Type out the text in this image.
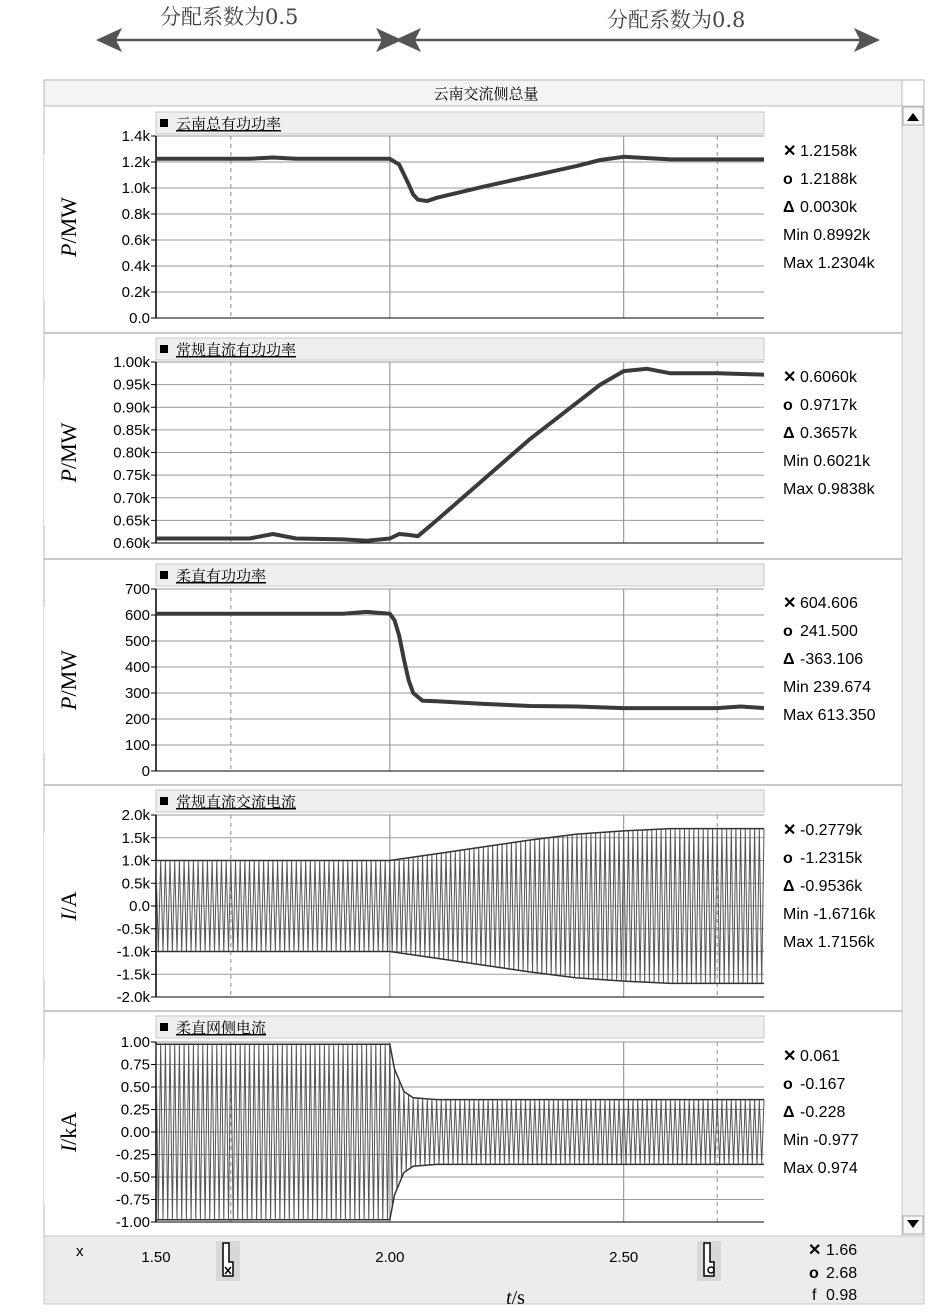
分配系数为0.5	分配系数为0.8
云南交流侧总量
云南总有功功率
0.0
0.2k
0.4k
0.6k
0.8k
1.0k
1.2k
1.4k
P/MW
✕ 1.2158k
o 1.2188k
Δ 0.0030k
Min 0.8992k
Max 1.2304k
常规直流有功功率
0.60k
0.65k
0.70k
0.75k
0.80k
0.85k
0.90k
0.95k
1.00k
P/MW
✕ 0.6060k
o 0.9717k
Δ 0.3657k
Min 0.6021k
Max 0.9838k
柔直有功功率
0
100
200
300
400
500
600
700
P/MW
✕ 604.606
o 241.500
Δ -363.106
Min 239.674
Max 613.350
常规直流交流电流
-2.0k
-1.5k
-1.0k
-0.5k
0.0
0.5k
1.0k
1.5k
2.0k
I/A
✕ -0.2779k
o -1.2315k
Δ -0.9536k
Min -1.6716k
Max 1.7156k
柔直网侧电流
-1.00
-0.75
-0.50
-0.25
0.00
0.25
0.50
0.75
1.00
I/kA
✕ 0.061
o -0.167
Δ -0.228
Min -0.977
Max 0.974
x	1.50	2.00	2.50	✕ 1.66
o 2.68
f 0.98
t/s
